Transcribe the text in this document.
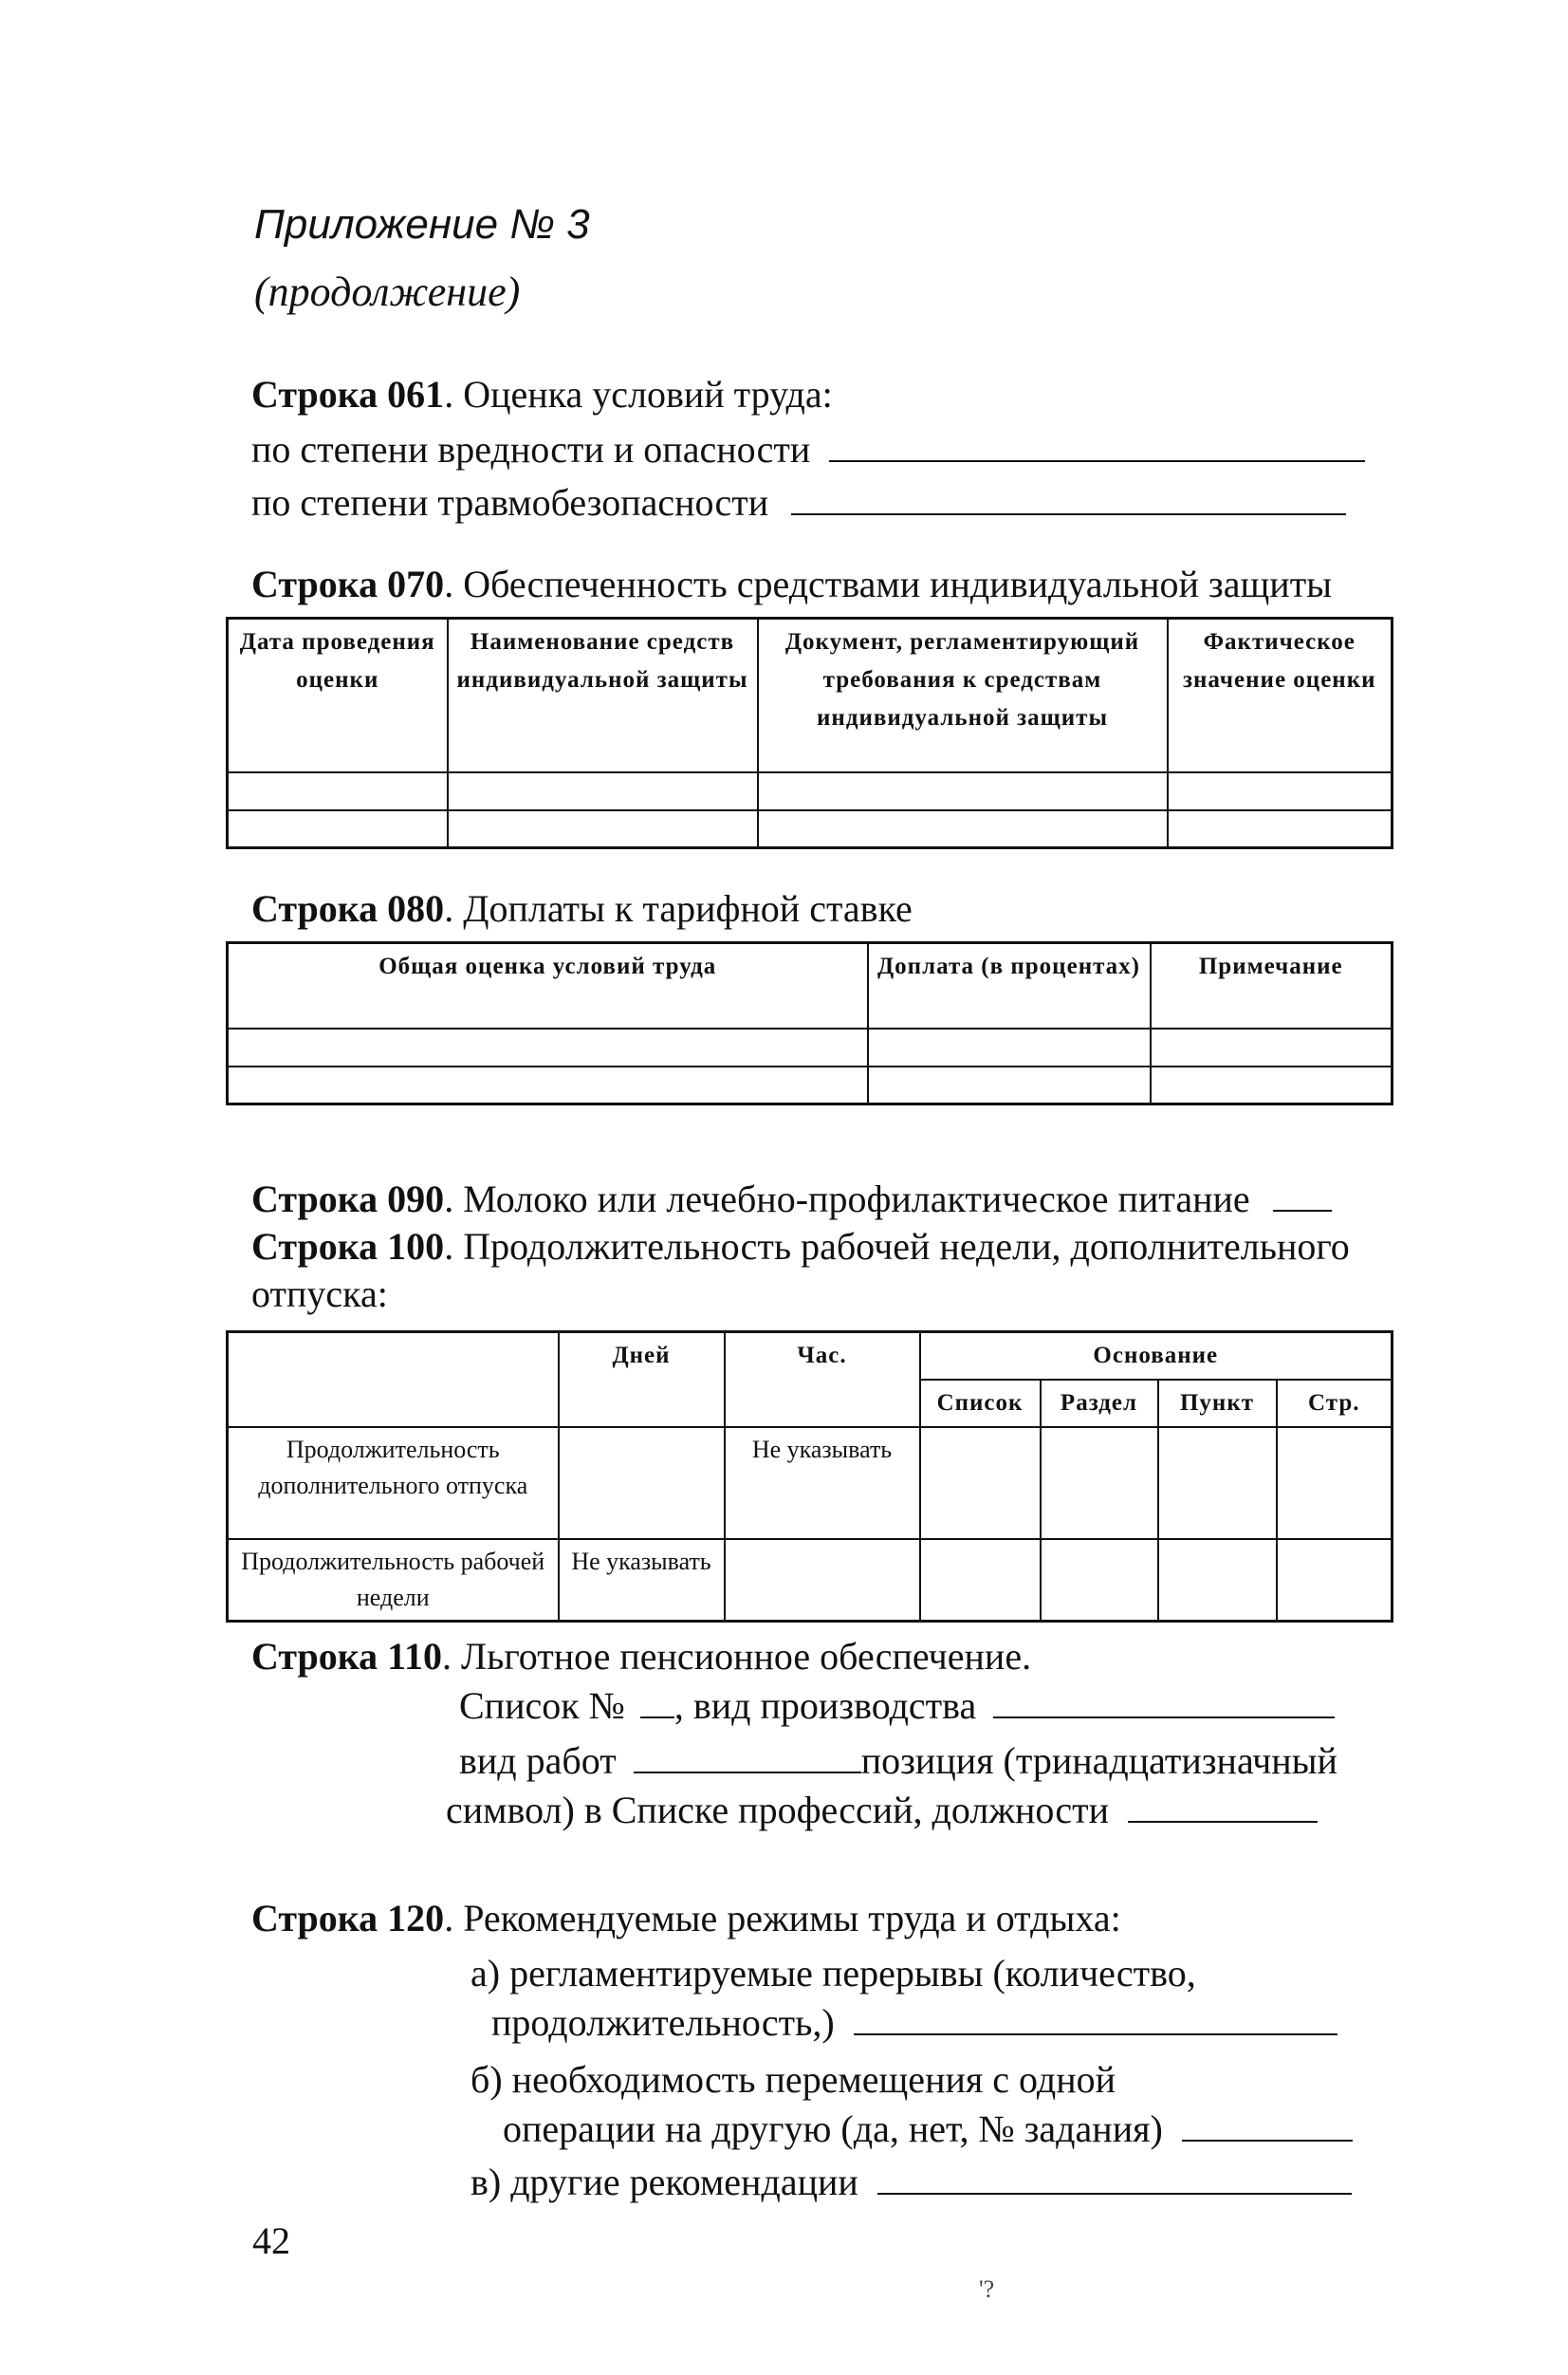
Приложение № 3
(продолжение)
Строка 061. Оценка условий труда:
по степени вредности и опасности
по степени травмобезопасности
Строка 070. Обеспеченность средствами индивидуальной защиты
Дата проведения оценки	Наименование средств индивидуальной защиты	Документ, регламентирующий требования к средствам индивидуальной защиты	Фактическое значение оценки

Строка 080. Доплаты к тарифной ставке
Общая оценка условий труда	Доплата (в процентах)	Примечание

Строка 090. Молоко или лечебно-профилактическое питание
Строка 100. Продолжительность рабочей недели, дополнительного
отпуска:
	Дней	Час.	Основание			
			Список	Раздел	Пункт	Стр.
Продолжительность дополнительного отпуска		Не указывать				
Продолжительность рабочей недели	Не указывать					
Строка 110. Льготное пенсионное обеспечение.
Список № , вид производства
вид работ	позиция (тринадцатизначный
символ) в Списке профессий, должности
Строка 120. Рекомендуемые режимы труда и отдыха:
а) регламентируемые перерывы (количество,
продолжительность,)
б) необходимость перемещения с одной
операции на другую (да, нет, № задания)
в) другие рекомендации
42
'?
